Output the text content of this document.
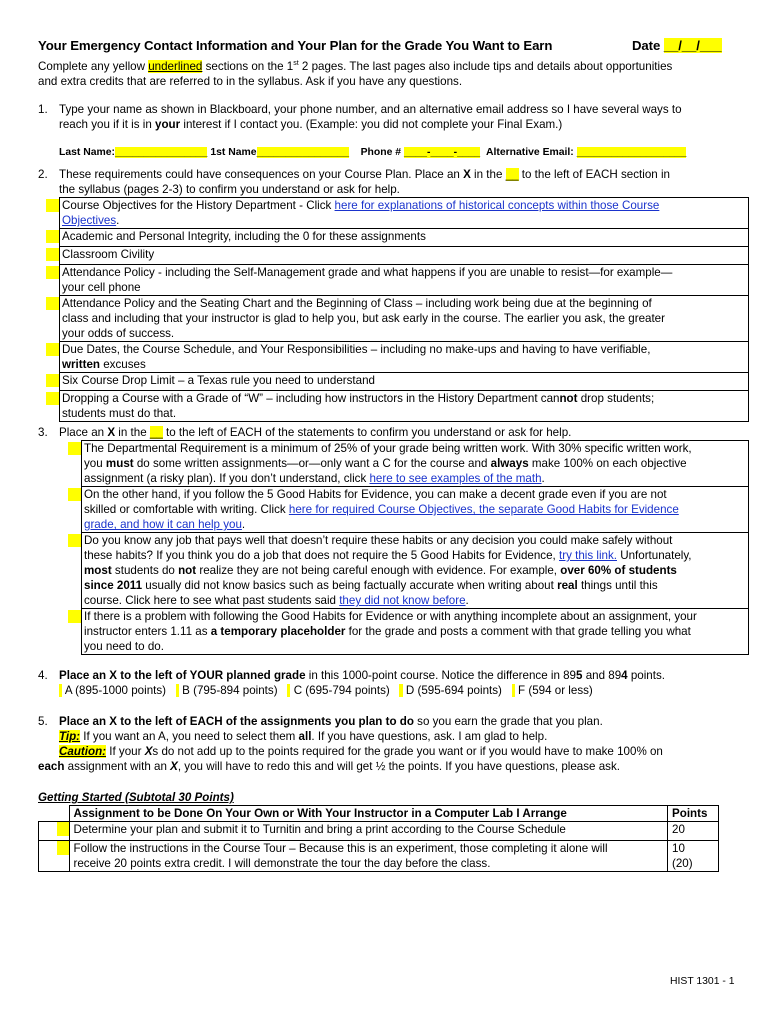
Your Emergency Contact Information and Your Plan for the Grade You Want to Earn	Date __/__/___
Complete any yellow underlined sections on the 1st 2 pages. The last pages also include tips and details about opportunities
and extra credits that are referred to in the syllabus. Ask if you have any questions.
1. Type your name as shown in Blackboard, your phone number, and an alternative email address so I have several ways to
reach you if it is in your interest if I contact you. (Example: you did not complete your Final Exam.)
Last Name:________________ 1st Name________________ Phone # ____-____-____ Alternative Email: ___________________
2. These requirements could have consequences on your Course Plan. Place an X in the __ to the left of EACH section in
the syllabus (pages 2-3) to confirm you understand or ask for help.
	Course Objectives for the History Department - Click here for explanations of historical concepts within those Course
Objectives.
	Academic and Personal Integrity, including the 0 for these assignments
	Classroom Civility
	Attendance Policy - including the Self-Management grade and what happens if you are unable to resist—for example—
your cell phone
	Attendance Policy and the Seating Chart and the Beginning of Class – including work being due at the beginning of
class and including that your instructor is glad to help you, but ask early in the course. The earlier you ask, the greater
your odds of success.
	Due Dates, the Course Schedule, and Your Responsibilities – including no make-ups and having to have verifiable,
written excuses
	Six Course Drop Limit – a Texas rule you need to understand
	Dropping a Course with a Grade of “W” – including how instructors in the History Department cannot drop students;
students must do that.
3. Place an X in the __ to the left of EACH of the statements to confirm you understand or ask for help.
	The Departmental Requirement is a minimum of 25% of your grade being written work. With 30% specific written work,
you must do some written assignments—or—only want a C for the course and always make 100% on each objective
assignment (a risky plan). If you don’t understand, click here to see examples of the math.
	On the other hand, if you follow the 5 Good Habits for Evidence, you can make a decent grade even if you are not
skilled or comfortable with writing. Click here for required Course Objectives, the separate Good Habits for Evidence
grade, and how it can help you.
	Do you know any job that pays well that doesn’t require these habits or any decision you could make safely without
these habits? If you think you do a job that does not require the 5 Good Habits for Evidence, try this link. Unfortunately,
most students do not realize they are not being careful enough with evidence. For example, over 60% of students
since 2011 usually did not know basics such as being factually accurate when writing about real things until this
course. Click here to see what past students said they did not know before.
	If there is a problem with following the Good Habits for Evidence or with anything incomplete about an assignment, your
instructor enters 1.11 as a temporary placeholder for the grade and posts a comment with that grade telling you what
you need to do.
4. Place an X to the left of YOUR planned grade in this 1000-point course. Notice the difference in 895 and 894 points.
A (895-1000 points) B (795-894 points) C (695-794 points) D (595-694 points) F (594 or less)
5. Place an X to the left of EACH of the assignments you plan to do so you earn the grade that you plan.
Tip: If you want an A, you need to select them all. If you have questions, ask. I am glad to help.
Caution: If your Xs do not add up to the points required for the grade you want or if you would have to make 100% on
each assignment with an X, you will have to redo this and will get ½ the points. If you have questions, please ask.
Getting Started (Subtotal 30 Points)
	Assignment to be Done On Your Own or With Your Instructor in a Computer Lab I Arrange	Points
	Determine your plan and submit it to Turnitin and bring a print according to the Course Schedule	20
	Follow the instructions in the Course Tour – Because this is an experiment, those completing it alone will
receive 20 points extra credit. I will demonstrate the tour the day before the class.	10
(20)
HIST 1301 - 1
